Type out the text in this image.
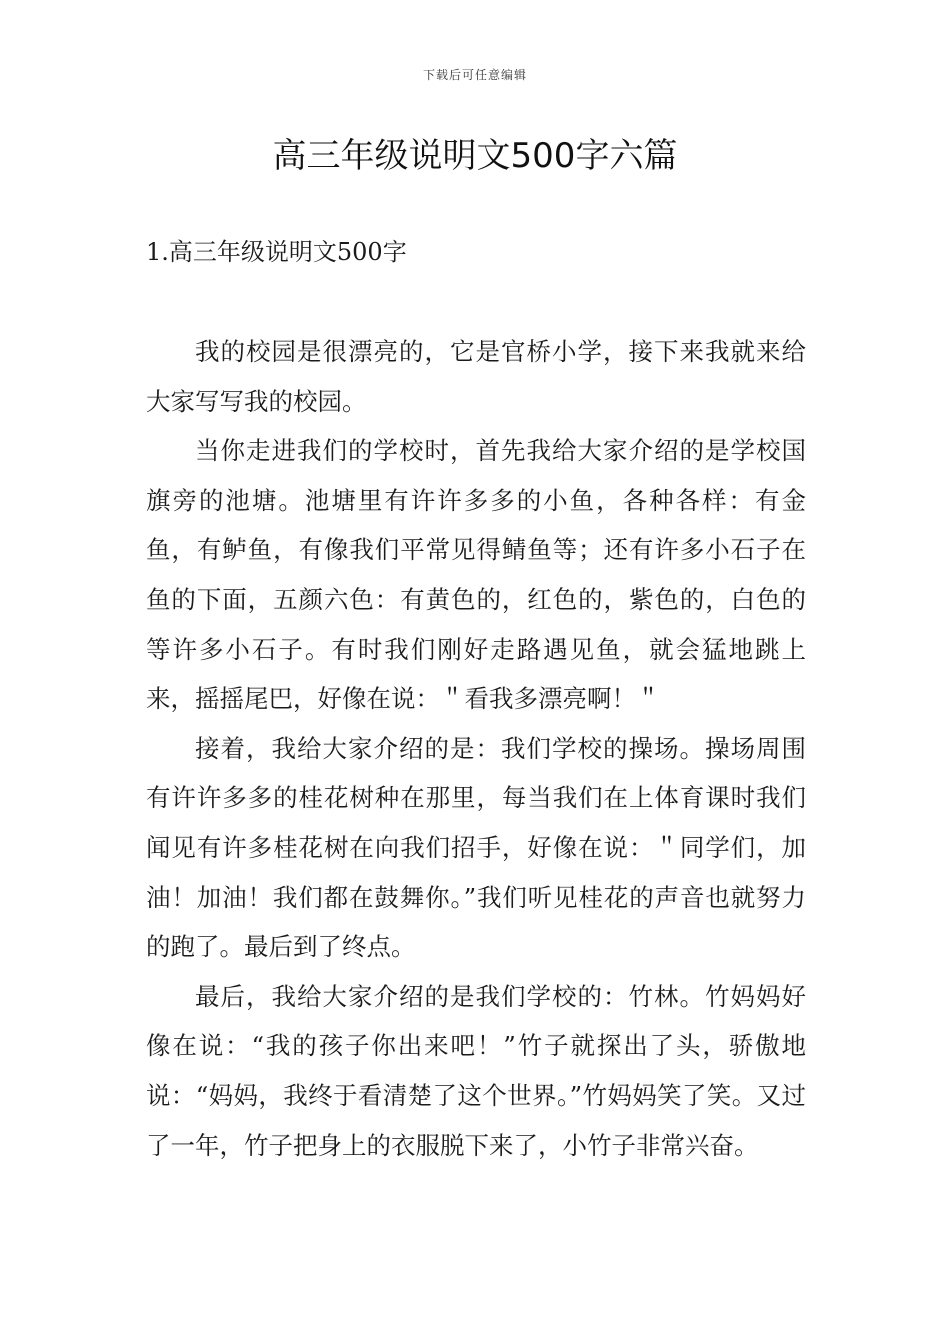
下载后可任意编辑
高三年级说明文500字六篇
1.高三年级说明文500字

我的校园是很漂亮的，它是官桥小学，接下来我就来给大家写写我的校园。

当你走进我们的学校时，首先我给大家介绍的是学校国旗旁的池塘。池塘里有许许多多的小鱼，各种各样：有金鱼，有鲈鱼，有像我们平常见得鲭鱼等；还有许多小石子在鱼的下面，五颜六色：有黄色的，红色的，紫色的，白色的等许多小石子。有时我们刚好走路遇见鱼，就会猛地跳上来，摇摇尾巴，好像在说：＂看我多漂亮啊！＂

接着，我给大家介绍的是：我们学校的操场。操场周围有许许多多的桂花树种在那里，每当我们在上体育课时我们闻见有许多桂花树在向我们招手，好像在说：＂同学们，加油！加油！我们都在鼓舞你。”我们听见桂花的声音也就努力的跑了。最后到了终点。

最后，我给大家介绍的是我们学校的：竹林。竹妈妈好像在说：“我的孩子你出来吧！”竹子就探出了头，骄傲地说：“妈妈，我终于看清楚了这个世界。”竹妈妈笑了笑。又过了一年，竹子把身上的衣服脱下来了，小竹子非常兴奋。
